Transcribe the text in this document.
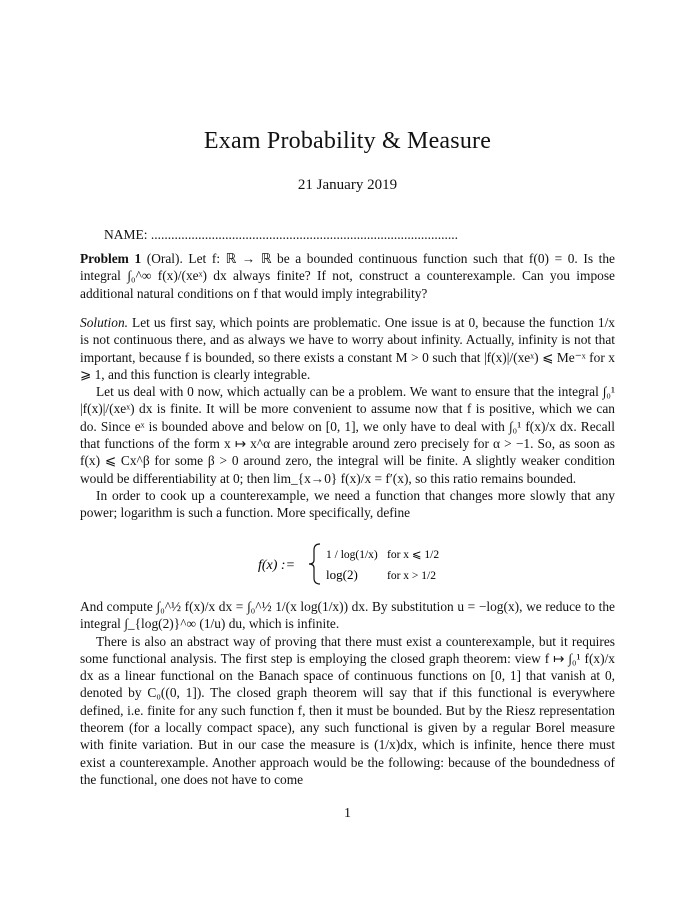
Exam Probability & Measure
21 January 2019
NAME: ...........................................................................................
Problem 1 (Oral). Let f: ℝ → ℝ be a bounded continuous function such that f(0) = 0. Is the integral ∫₀^∞ f(x)/(xeˣ) dx always finite? If not, construct a counterexample. Can you impose additional natural conditions on f that would imply integrability?

Solution. Let us first say, which points are problematic. One issue is at 0, because the function 1/x is not continuous there, and as always we have to worry about infinity. Actually, infinity is not that important, because f is bounded, so there exists a constant M > 0 such that |f(x)|/(xeˣ) ⩽ Me⁻ˣ for x ⩾ 1, and this function is clearly integrable.

Let us deal with 0 now, which actually can be a problem. We want to ensure that the integral ∫₀¹ |f(x)|/(xeˣ) dx is finite. It will be more convenient to assume now that f is positive, which we can do. Since eˣ is bounded above and below on [0, 1], we only have to deal with ∫₀¹ f(x)/x dx. Recall that functions of the form x ↦ x^α are integrable around zero precisely for α > −1. So, as soon as f(x) ⩽ Cx^β for some β > 0 around zero, the integral will be finite. A slightly weaker condition would be differentiability at 0; then lim_{x→0} f(x)/x = f′(x), so this ratio remains bounded.

In order to cook up a counterexample, we need a function that changes more slowly that any power; logarithm is such a function. More specifically, define

f(x) :=
1 / log(1/x) for x ⩽ 1/2
log(2)	for x > 1/2

And compute ∫₀^½ f(x)/x dx = ∫₀^½ 1/(x log(1/x)) dx. By substitution u = −log(x), we reduce to the integral ∫_{log(2)}^∞ (1/u) du, which is infinite.

There is also an abstract way of proving that there must exist a counterexample, but it requires some functional analysis. The first step is employing the closed graph theorem: view f ↦ ∫₀¹ f(x)/x dx as a linear functional on the Banach space of continuous functions on [0, 1] that vanish at 0, denoted by C₀((0, 1]). The closed graph theorem will say that if this functional is everywhere defined, i.e. finite for any such function f, then it must be bounded. But by the Riesz representation theorem (for a locally compact space), any such functional is given by a regular Borel measure with finite variation. But in our case the measure is (1/x)dx, which is infinite, hence there must exist a counterexample. Another approach would be the following: because of the boundedness of the functional, one does not have to come

1
